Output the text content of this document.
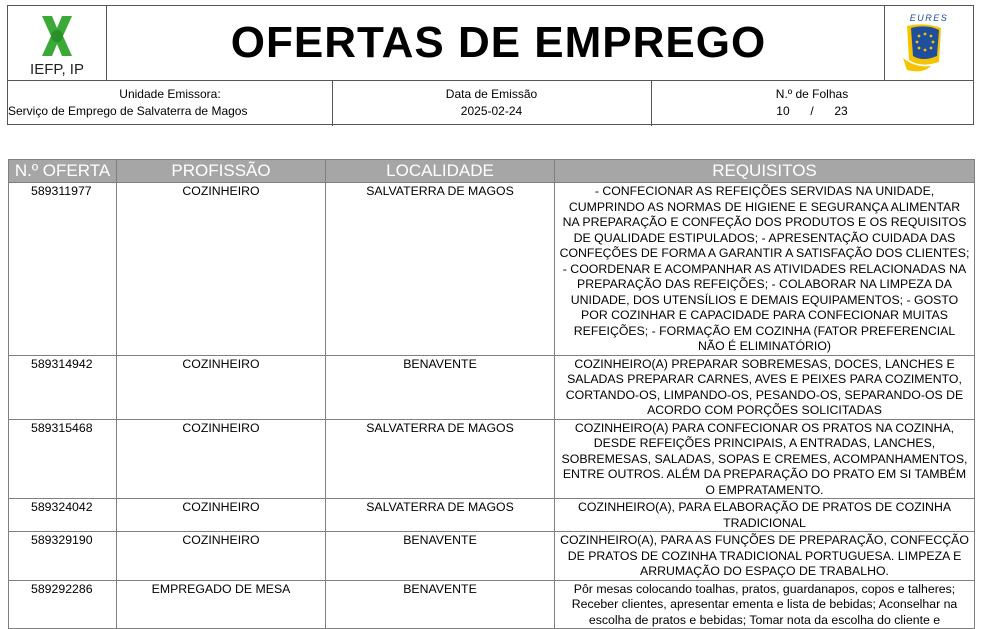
IEFP, IP
OFERTAS DE EMPREGO	EURES
Unidade Emissora:
Serviço de Emprego de Salvaterra de Magos
Data de Emissão
2025-02-24
N.º de Folhas
10 / 23
N.º OFERTA	PROFISSÃO	LOCALIDADE	REQUISITOS
589311977	COZINHEIRO	SALVATERRA DE MAGOS	- CONFECIONAR AS REFEIÇÕES SERVIDAS NA UNIDADE, CUMPRINDO AS NORMAS DE HIGIENE E SEGURANÇA ALIMENTAR NA PREPARAÇÃO E CONFEÇÃO DOS PRODUTOS E OS REQUISITOS DE QUALIDADE ESTIPULADOS; - APRESENTAÇÃO CUIDADA DAS CONFEÇÕES DE FORMA A GARANTIR A SATISFAÇÃO DOS CLIENTES; - COORDENAR E ACOMPANHAR AS ATIVIDADES RELACIONADAS NA PREPARAÇÃO DAS REFEIÇÕES; - COLABORAR NA LIMPEZA DA UNIDADE, DOS UTENSÍLIOS E DEMAIS EQUIPAMENTOS; - GOSTO POR COZINHAR E CAPACIDADE PARA CONFECIONAR MUITAS REFEIÇÕES; - FORMAÇÃO EM COZINHA (FATOR PREFERENCIAL NÃO É ELIMINATÓRIO)
589314942	COZINHEIRO	BENAVENTE	COZINHEIRO(A) PREPARAR SOBREMESAS, DOCES, LANCHES E SALADAS PREPARAR CARNES, AVES E PEIXES PARA COZIMENTO, CORTANDO-OS, LIMPANDO-OS, PESANDO-OS, SEPARANDO-OS DE ACORDO COM PORÇÕES SOLICITADAS
589315468	COZINHEIRO	SALVATERRA DE MAGOS	COZINHEIRO(A) PARA CONFECIONAR OS PRATOS NA COZINHA, DESDE REFEIÇÕES PRINCIPAIS, A ENTRADAS, LANCHES, SOBREMESAS, SALADAS, SOPAS E CREMES, ACOMPANHAMENTOS, ENTRE OUTROS. ALÉM DA PREPARAÇÃO DO PRATO EM SI TAMBÉM O EMPRATAMENTO.
589324042	COZINHEIRO	SALVATERRA DE MAGOS	COZINHEIRO(A), PARA ELABORAÇÃO DE PRATOS DE COZINHA TRADICIONAL
589329190	COZINHEIRO	BENAVENTE	COZINHEIRO(A), PARA AS FUNÇÕES DE PREPARAÇÃO, CONFECÇÃO DE PRATOS DE COZINHA TRADICIONAL PORTUGUESA. LIMPEZA E ARRUMAÇÃO DO ESPAÇO DE TRABALHO.
589292286	EMPREGADO DE MESA	BENAVENTE	Pôr mesas colocando toalhas, pratos, guardanapos, copos e talheres; Receber clientes, apresentar ementa e lista de bebidas; Aconselhar na escolha de pratos e bebidas; Tomar nota da escolha do cliente e
